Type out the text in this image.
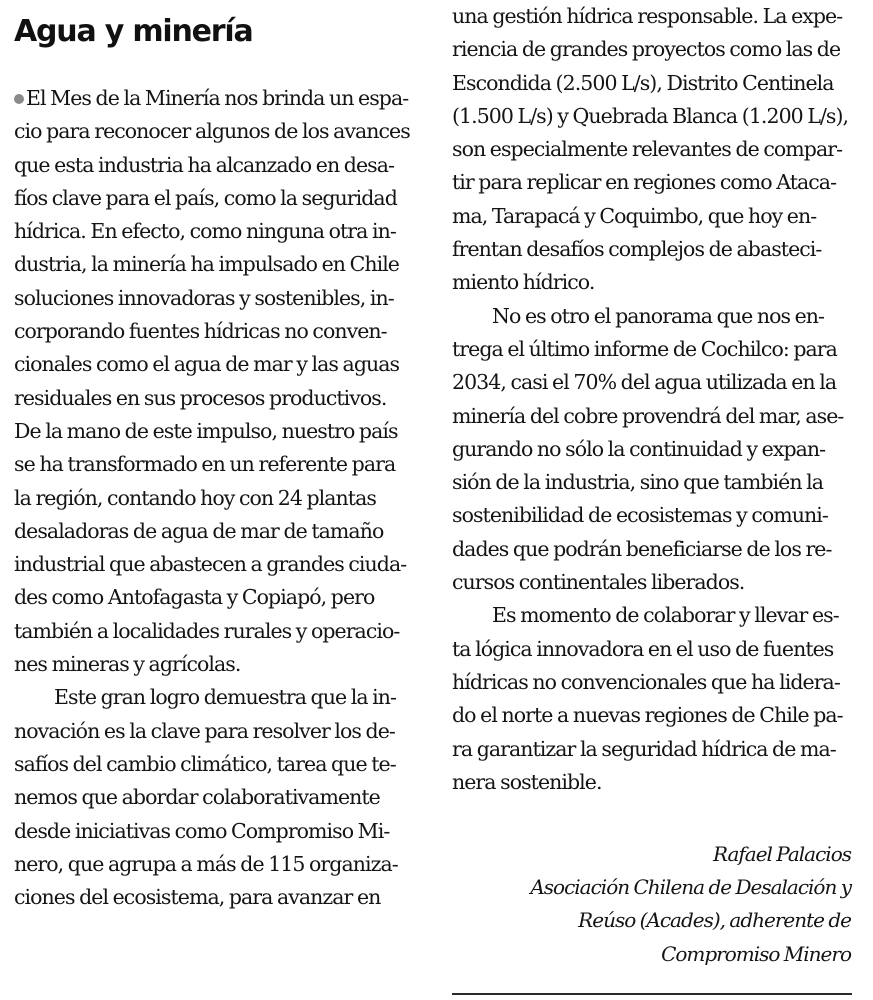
Agua y minería
El Mes de la Minería nos brinda un espa-
cio para reconocer algunos de los avances
que esta industria ha alcanzado en desa-
fíos clave para el país, como la seguridad
hídrica. En efecto, como ninguna otra in-
dustria, la minería ha impulsado en Chile
soluciones innovadoras y sostenibles, in-
corporando fuentes hídricas no conven-
cionales como el agua de mar y las aguas
residuales en sus procesos productivos.
De la mano de este impulso, nuestro país
se ha transformado en un referente para
la región, contando hoy con 24 plantas
desaladoras de agua de mar de tamaño
industrial que abastecen a grandes ciuda-
des como Antofagasta y Copiapó, pero
también a localidades rurales y operacio-
nes mineras y agrícolas.
Este gran logro demuestra que la in-
novación es la clave para resolver los de-
safíos del cambio climático, tarea que te-
nemos que abordar colaborativamente
desde iniciativas como Compromiso Mi-
nero, que agrupa a más de 115 organiza-
ciones del ecosistema, para avanzar en
una gestión hídrica responsable. La expe-
riencia de grandes proyectos como las de
Escondida (2.500 L/s), Distrito Centinela
(1.500 L/s) y Quebrada Blanca (1.200 L/s),
son especialmente relevantes de compar-
tir para replicar en regiones como Ataca-
ma, Tarapacá y Coquimbo, que hoy en-
frentan desafíos complejos de abasteci-
miento hídrico.
No es otro el panorama que nos en-
trega el último informe de Cochilco: para
2034, casi el 70% del agua utilizada en la
minería del cobre provendrá del mar, ase-
gurando no sólo la continuidad y expan-
sión de la industria, sino que también la
sostenibilidad de ecosistemas y comuni-
dades que podrán beneficiarse de los re-
cursos continentales liberados.
Es momento de colaborar y llevar es-
ta lógica innovadora en el uso de fuentes
hídricas no convencionales que ha lidera-
do el norte a nuevas regiones de Chile pa-
ra garantizar la seguridad hídrica de ma-
nera sostenible.
Rafael Palacios
Asociación Chilena de Desalación y
Reúso (Acades), adherente de
Compromiso Minero
